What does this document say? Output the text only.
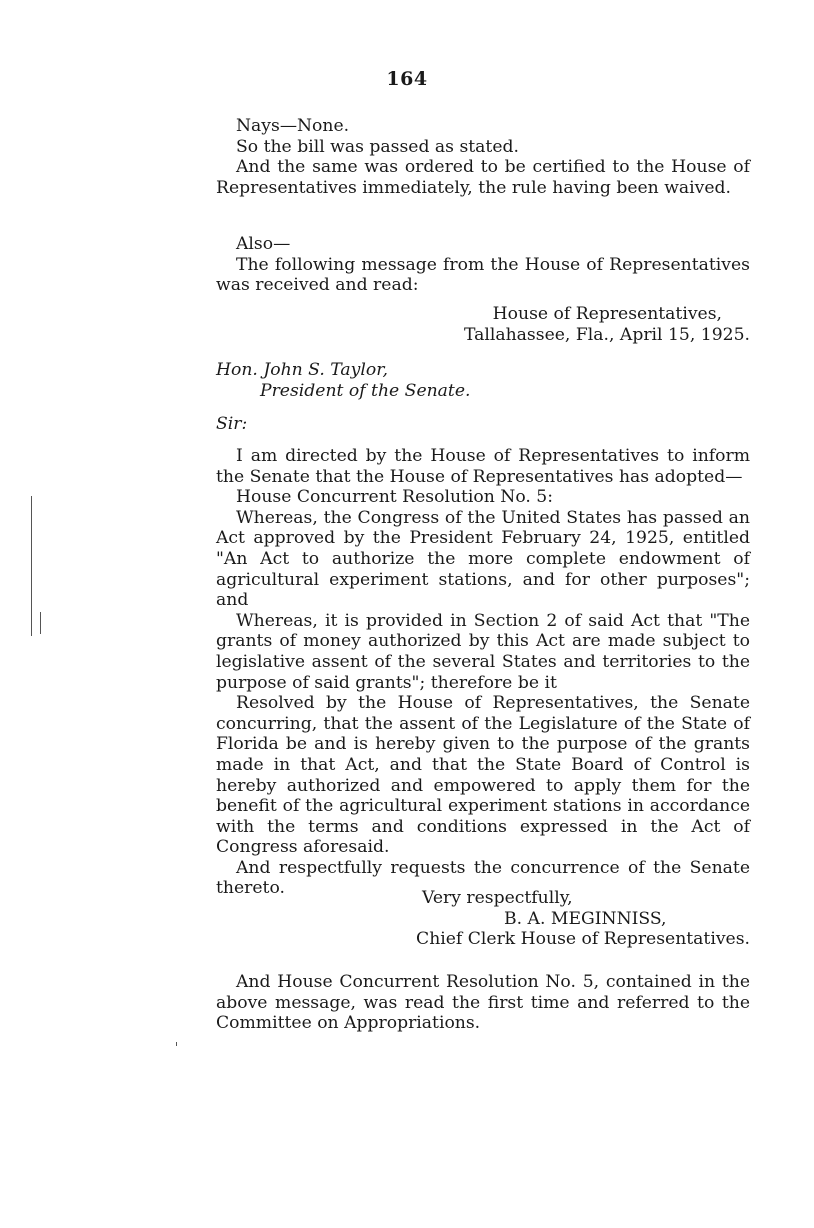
164

Nays—None.

So the bill was passed as stated.

And the same was ordered to be certified to the House of Representatives immediately, the rule having been waived.

Also—

The following message from the House of Representatives was received and read:

House of Representatives,

Tallahassee, Fla., April 15, 1925.

Hon. John S. Taylor,

President of the Senate.

Sir:

I am directed by the House of Representatives to inform the Senate that the House of Representatives has adopted—

House Concurrent Resolution No. 5:

Whereas, the Congress of the United States has passed an Act approved by the President February 24, 1925, entitled "An Act to authorize the more complete endowment of agricultural experiment stations, and for other purposes"; and

Whereas, it is provided in Section 2 of said Act that "The grants of money authorized by this Act are made subject to legislative assent of the several States and territories to the purpose of said grants"; therefore be it

Resolved by the House of Representatives, the Senate concurring, that the assent of the Legislature of the State of Florida be and is hereby given to the purpose of the grants made in that Act, and that the State Board of Control is hereby authorized and empowered to apply them for the benefit of the agricultural experiment stations in accordance with the terms and conditions expressed in the Act of Congress aforesaid.

And respectfully requests the concurrence of the Senate thereto.	Very respectfully,

B. A. MEGINNISS,

Chief Clerk House of Representatives.

And House Concurrent Resolution No. 5, contained in the above message, was read the first time and referred to the Committee on Appropriations.
